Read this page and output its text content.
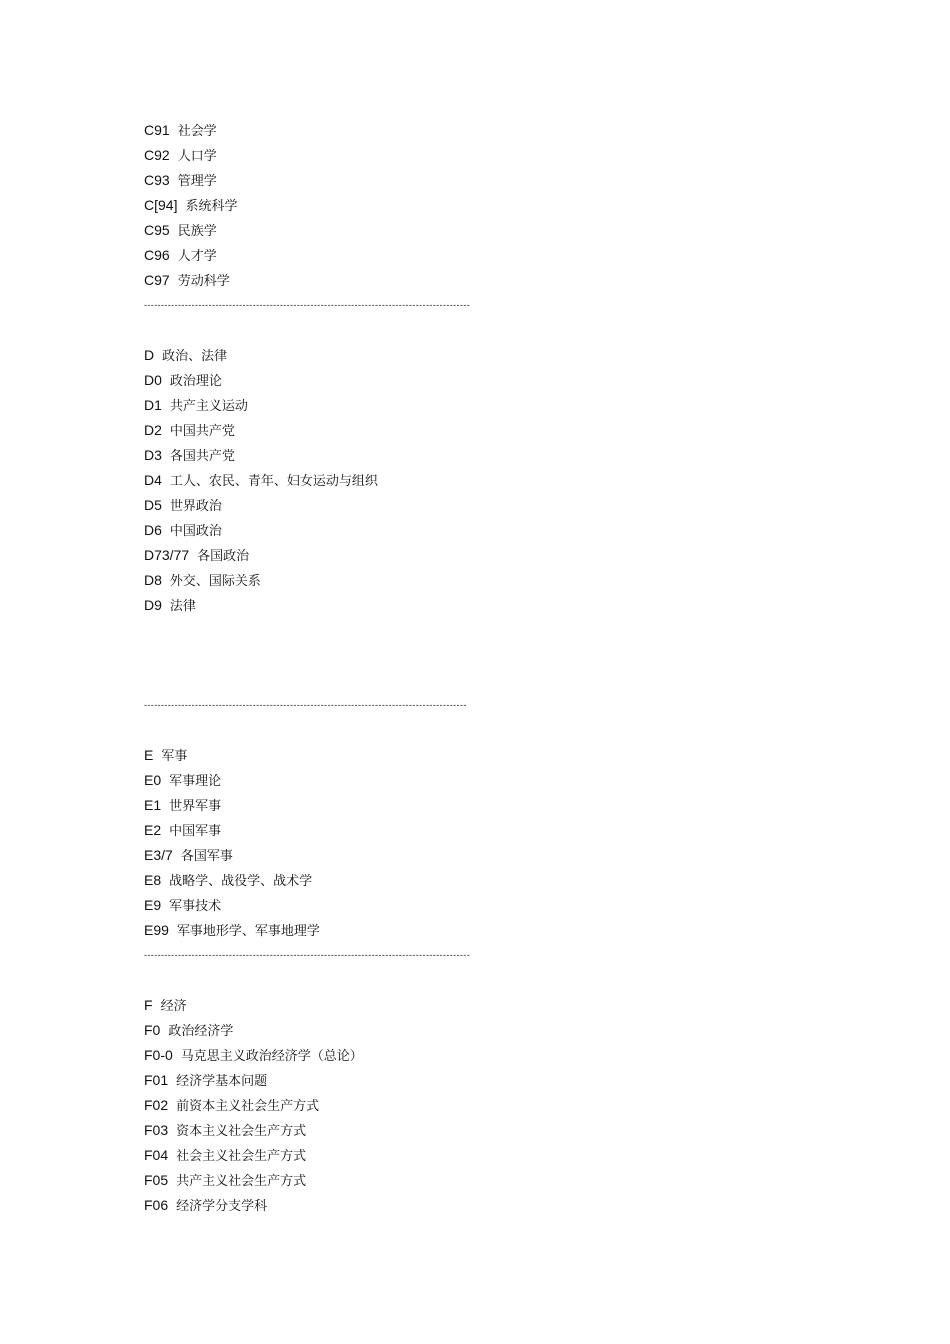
C91 社会学
C92 人口学
C93 管理学
C[94] 系统科学
C95 民族学
C96 人才学
C97 劳动科学
------------------------------------------------------------------------------------------------
D 政治、法律
D0 政治理论
D1 共产主义运动
D2 中国共产党
D3 各国共产党
D4 工人、农民、青年、妇女运动与组织
D5 世界政治
D6 中国政治
D73/77 各国政治
D8 外交、国际关系
D9 法律
-----------------------------------------------------------------------------------------------
E 军事
E0 军事理论
E1 世界军事
E2 中国军事
E3/7 各国军事
E8 战略学、战役学、战术学
E9 军事技术
E99 军事地形学、军事地理学
------------------------------------------------------------------------------------------------
F 经济
F0 政治经济学
F0-0 马克思主义政治经济学（总论）
F01 经济学基本问题
F02 前资本主义社会生产方式
F03 资本主义社会生产方式
F04 社会主义社会生产方式
F05 共产主义社会生产方式
F06 经济学分支学科
